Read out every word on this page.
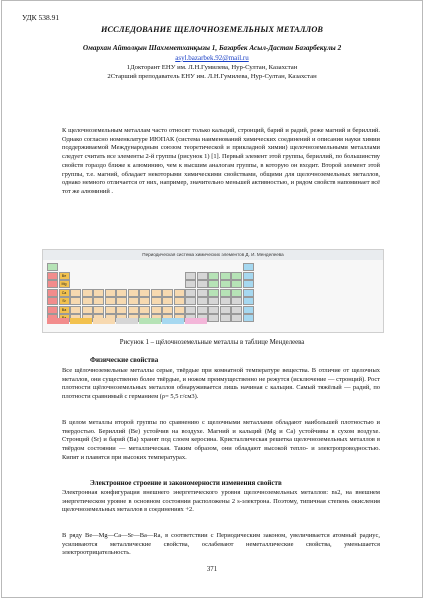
УДК 538.91
ИССЛЕДОВАНИЕ ЩЕЛОЧНОЗЕМЕЛЬНЫХ МЕТАЛЛОВ
Омархан Айтолқын Шахмметханқызы 1, Базарбек Асыл-Дастан Базарбекұлы 2
asyl.bazarbek.92@mail.ru
1Докторант ЕНУ им. Л.Н.Гумилева, Нур-Султан, Казахстан
2Старший преподаватель ЕНУ им. Л.Н.Гумилева, Нур-Султан, Казахстан

К щелочноземельным металлам часто относят только кальций, стронций, барий и радий, реже магний и бериллий. Однако согласно номенклатуре ИЮПАК (система наименований химических соединений и описания науки химии поддерживаемой Международным союзом теоретической и прикладной химии) щелочноземельными металлами следует считать все элементы 2-й группы (рисунок 1) [1]. Первый элемент этой группы, бериллий, по большинству свойств гораздо ближе к алюминию, чем к высшим аналогам группы, в которую он входит. Второй элемент этой группы, т.е. магний, обладает некоторыми химическими свойствами, общими для щелочноземельных металлов, однако немного отличается от них, например, значительно меньшей активностью, и рядом свойств напоминает всё тот же алюминий .

Периодическая система химических элементов Д. И. Менделеева
Be
Mg
Ca
Sr
Ba
Рисунок 1 – щёлочноземельные металлы в таблице Менделеева
Физические свойства

Все щёлочноземельные металлы серые, твёрдые при комнатной температуре вещества. В отличие от щелочных металлов, они существенно более твёрдые, и ножом преимущественно не режутся (исключение — стронций). Рост плотности щёлочноземельных металлов обнаруживается лишь начиная с кальция. Самый тяжёлый — радий, по плотности сравнимый с германием (ρ= 5,5 г/см3).

В целом металлы второй группы по сравнению с щелочными металлами обладают наибольшей плотностью и твердостью. Бериллий (Be) устойчив на воздухе. Магний и кальций (Mg и Ca) устойчивы в сухом воздухе. Стронций (Sr) и барий (Ba) хранят под слоем керосина. Кристаллическая решетка щелочноземельных металлов в твёрдом состоянии — металлическая. Таким образом, они обладают высокой тепло- и электропроводностью. Кипят и плавятся при высоких температурах.

Электронное строение и закономерности изменения свойств

Электронная конфигурация внешнего энергетического уровня щелочноземельных металлов: ns2, на внешнем энергетическом уровне в основном состоянии расположены 2 s-электрона. Поэтому, типичная степень окисления щелочноземельных металлов в соединениях +2.

В ряду Be—Mg—Ca—Sr—Ba—Ra, в соответствии с Периодическим законом, увеличивается атомный радиус, усиливаются металлические свойства, ослабевают неметаллические свойства, уменьшается электроотрицательность.

371
